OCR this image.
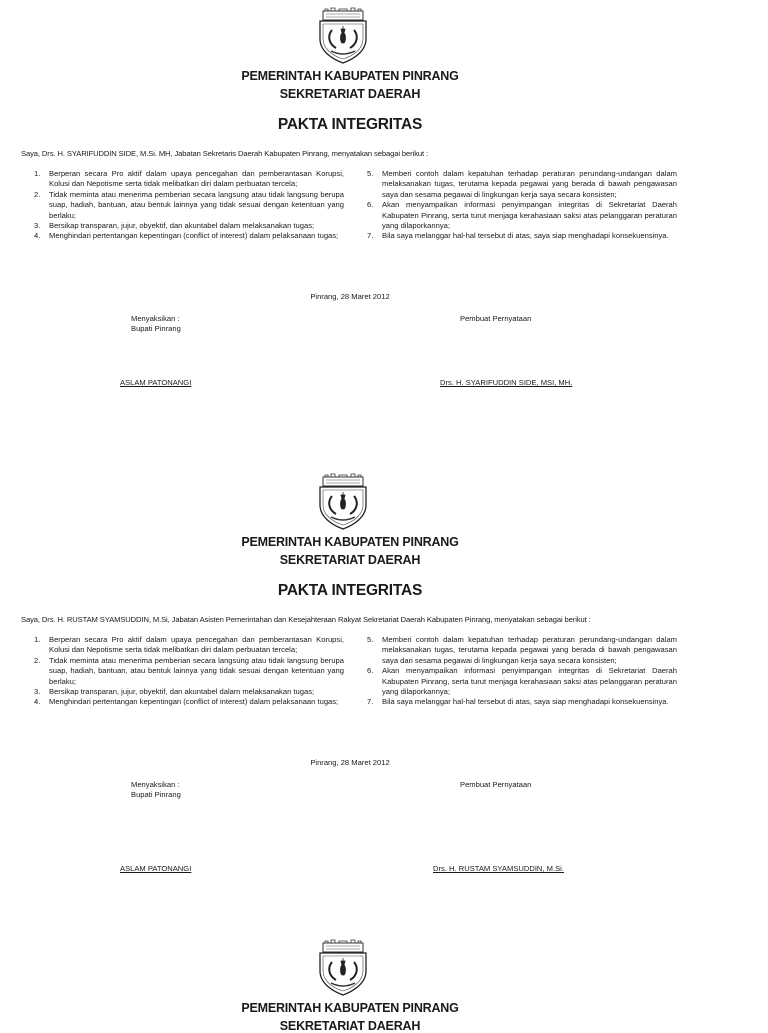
PEMERINTAH KABUPATEN PINRANG
SEKRETARIAT DAERAH
PAKTA INTEGRITAS
Saya, Drs. H. SYARIFUDDIN SIDE, M.Si. MH, Jabatan Sekretaris Daerah Kabupaten Pinrang, menyatakan sebagai berikut :
1. Berperan secara Pro aktif dalam upaya pencegahan dan pemberantasan Korupsi, Kolusi dan Nepotisme serta tidak melibatkan diri dalam perbuatan tercela;
2. Tidak meminta atau menerima pemberian secara langsung atau tidak langsung berupa suap, hadiah, bantuan, atau bentuk lainnya yang tidak sesuai dengan ketentuan yang berlaku;
3. Bersikap transparan, jujur, obyektif, dan akuntabel dalam melaksanakan tugas;
4. Menghindari pertentangan kepentingan (conflict of interest) dalam pelaksanaan tugas;
5. Memberi contoh dalam kepatuhan terhadap peraturan perundang-undangan dalam melaksanakan tugas, terutama kepada pegawai yang berada di bawah pengawasan saya dan sesama pegawai di lingkungan kerja saya secara konsisten;
6. Akan menyampaikan informasi penyimpangan integritas di Sekretariat Daerah Kabupaten Pinrang, serta turut menjaga kerahasiaan saksi atas pelanggaran peraturan yang dilaporkannya;
7. Bila saya melanggar hal-hal tersebut di atas, saya siap menghadapi konsekuensinya.
Pinrang, 28 Maret 2012
Menyaksikan :
Bupati Pinrang
Pembuat Pernyataan
ASLAM PATONANGI	Drs. H. SYARIFUDDIN SIDE, MSI, MH.
PEMERINTAH KABUPATEN PINRANG
SEKRETARIAT DAERAH
PAKTA INTEGRITAS
Saya, Drs. H. RUSTAM SYAMSUDDIN, M.Si, Jabatan Asisten Pemerintahan dan Kesejahteraan Rakyat Sekretariat Daerah Kabupaten Pinrang, menyatakan sebagai berikut :
1. Berperan secara Pro aktif dalam upaya pencegahan dan pemberantasan Korupsi, Kolusi dan Nepotisme serta tidak melibatkan diri dalam perbuatan tercela;
2. Tidak meminta atau menerima pemberian secara langsung atau tidak langsung berupa suap, hadiah, bantuan, atau bentuk lainnya yang tidak sesuai dengan ketentuan yang berlaku;
3. Bersikap transparan, jujur, obyektif, dan akuntabel dalam melaksanakan tugas;
4. Menghindari pertentangan kepentingan (conflict of interest) dalam pelaksanaan tugas;
5. Memberi contoh dalam kepatuhan terhadap peraturan perundang-undangan dalam melaksanakan tugas, terutama kepada pegawai yang berada di bawah pengawasan saya dari sesama pegawai di lingkungan kerja saya secara konsisten;
6. Akan menyampaikan informasi penyimpangan integritas di Sekretariat Daerah Kabupaten Pinrang, serta turut menjaga kerahasiaan saksi atas pelanggaran peraturan yang dilaporkannya;
7. Bila saya melanggar hal-hal tersebut di atas, saya siap menghadapi konsekuensinya.
Pinrang, 28 Maret 2012
Menyaksikan :
Bupati Pinrang
Pembuat Pernyataan
ASLAM PATONANGI	Drs. H. RUSTAM SYAMSUDDIN, M.Si.
PEMERINTAH KABUPATEN PINRANG
SEKRETARIAT DAERAH
